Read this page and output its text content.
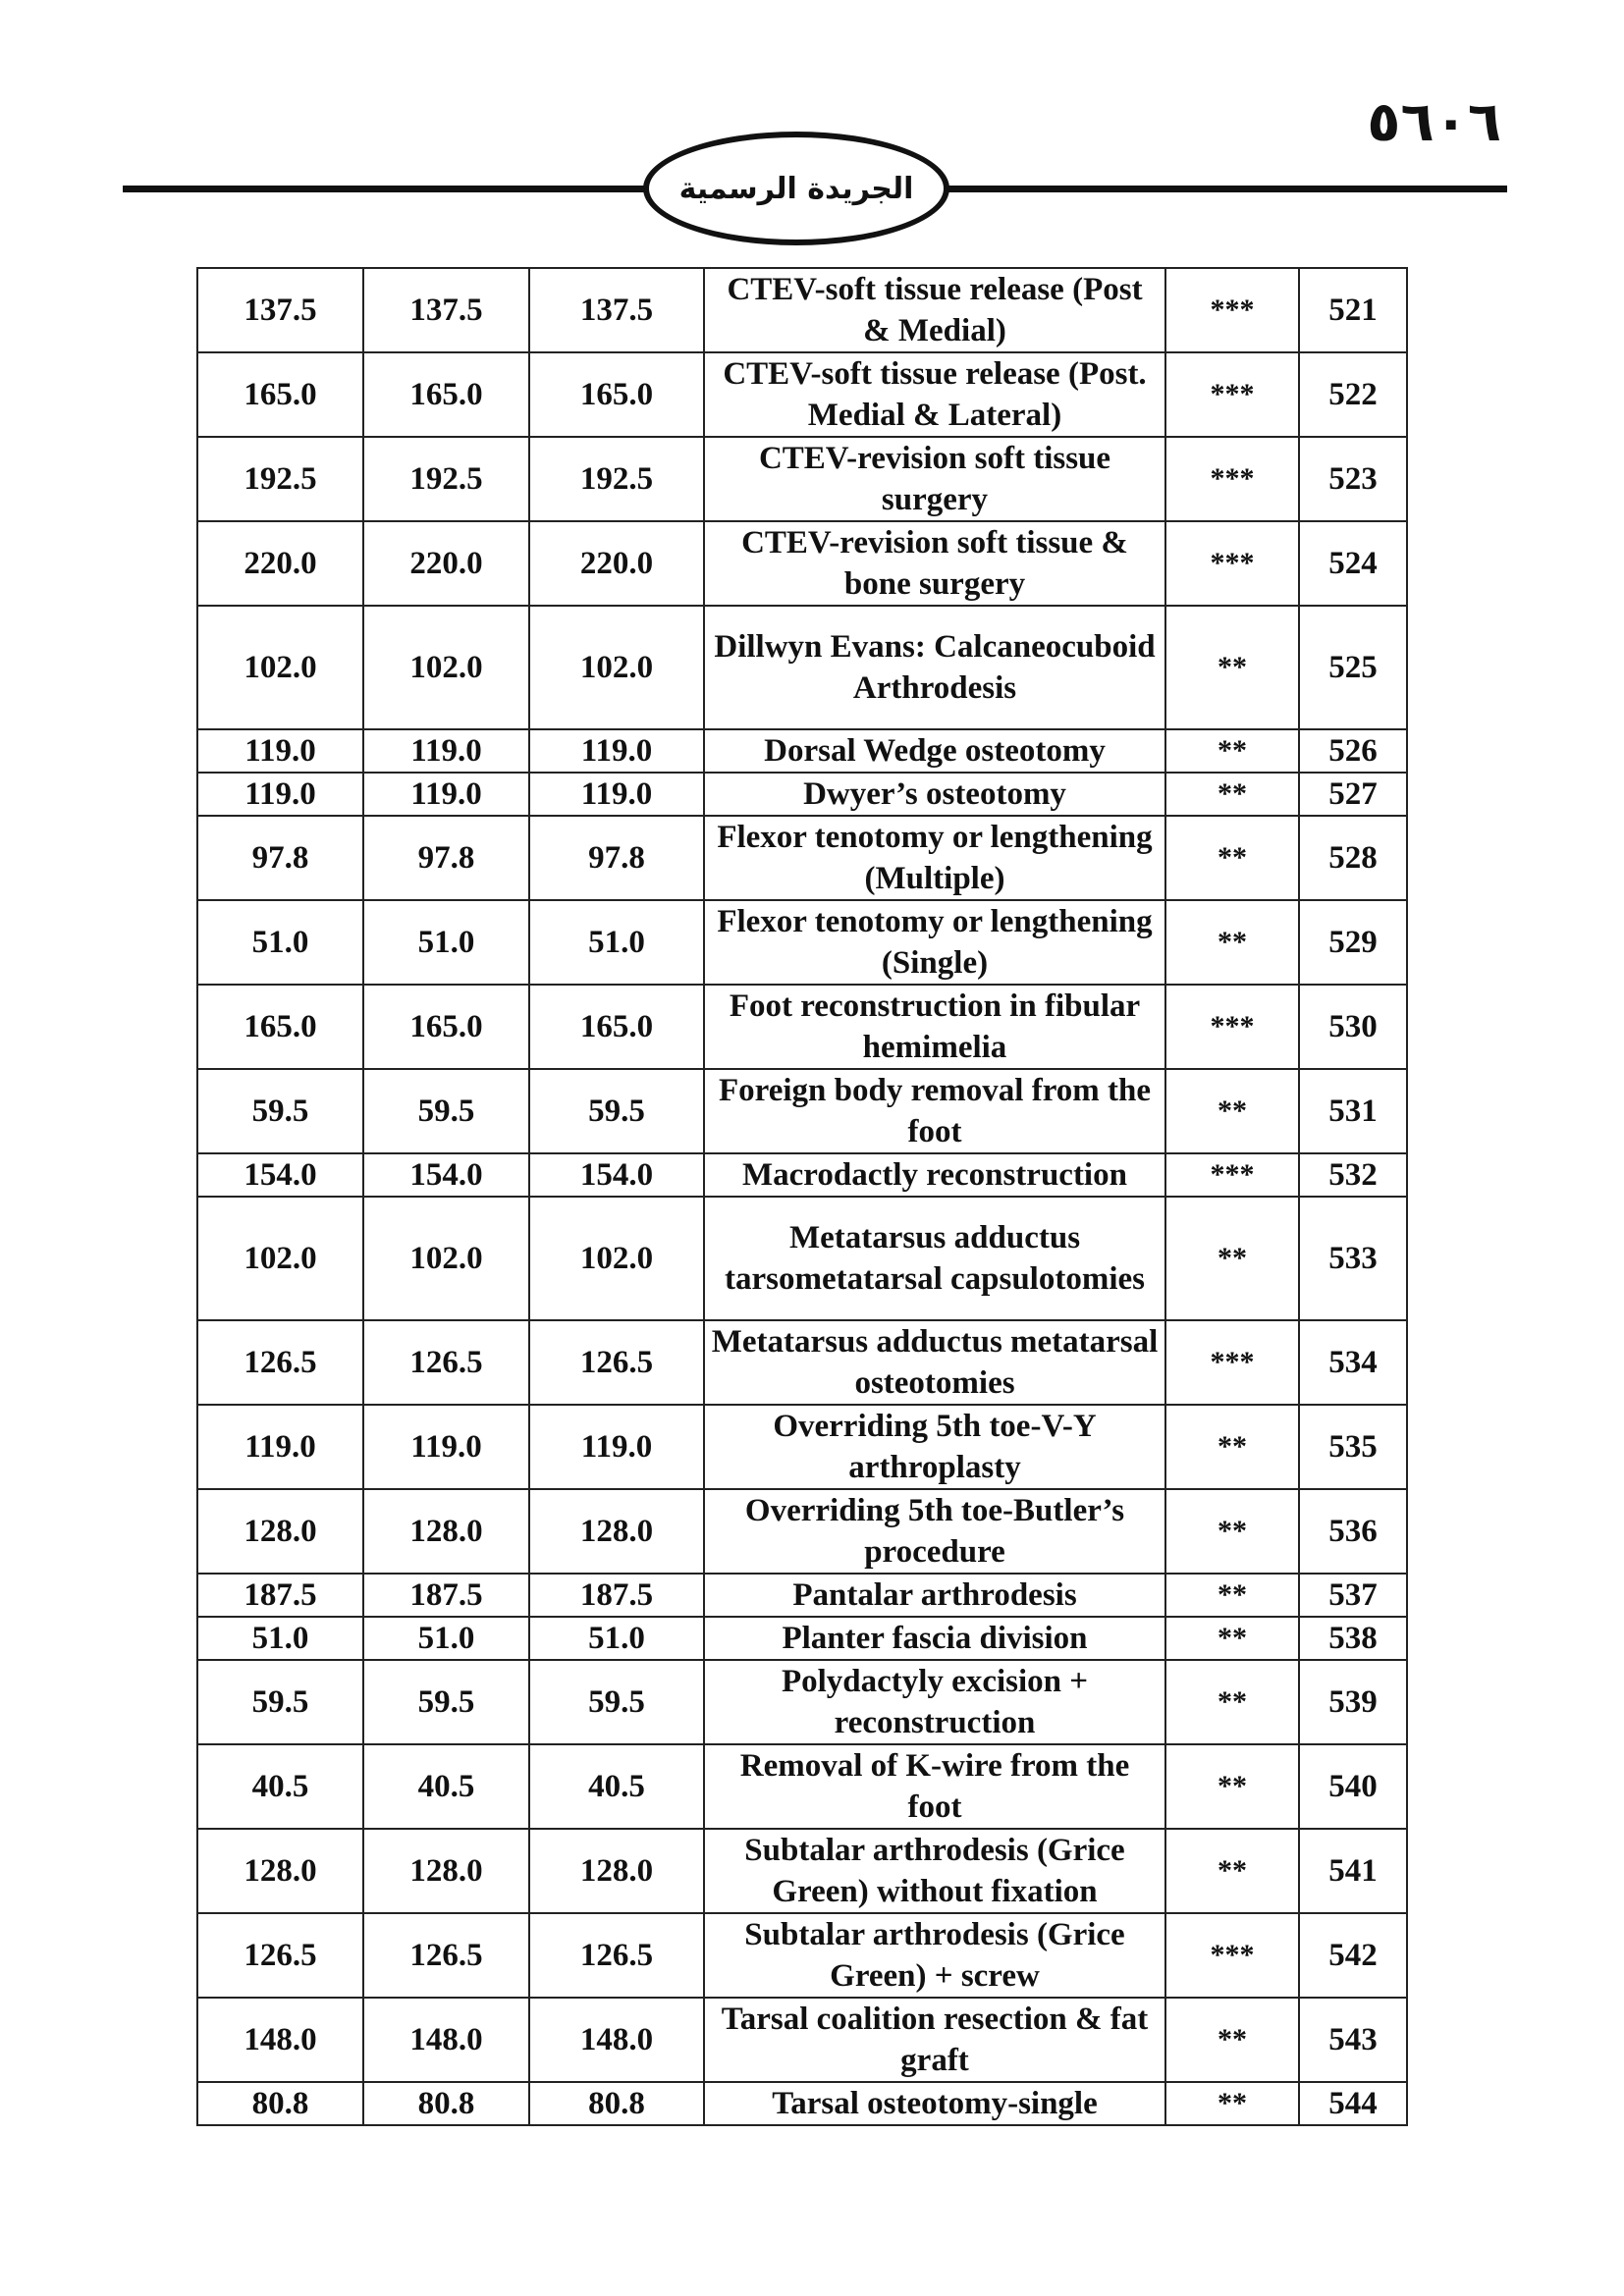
٥٦٠٦
الجريدة الرسمية
137.5	137.5	137.5	CTEV-soft tissue release (Post & Medial)	***	521
165.0	165.0	165.0	CTEV-soft tissue release (Post. Medial & Lateral)	***	522
192.5	192.5	192.5	CTEV-revision soft tissue surgery	***	523
220.0	220.0	220.0	CTEV-revision soft tissue & bone surgery	***	524
102.0	102.0	102.0	Dillwyn Evans: Calcaneocuboid Arthrodesis	**	525
119.0	119.0	119.0	Dorsal Wedge osteotomy	**	526
119.0	119.0	119.0	Dwyer’s osteotomy	**	527
97.8	97.8	97.8	Flexor tenotomy or lengthening (Multiple)	**	528
51.0	51.0	51.0	Flexor tenotomy or lengthening (Single)	**	529
165.0	165.0	165.0	Foot reconstruction in fibular hemimelia	***	530
59.5	59.5	59.5	Foreign body removal from the foot	**	531
154.0	154.0	154.0	Macrodactly reconstruction	***	532
102.0	102.0	102.0	Metatarsus adductus tarsometatarsal capsulotomies	**	533
126.5	126.5	126.5	Metatarsus adductus metatarsal osteotomies	***	534
119.0	119.0	119.0	Overriding 5th toe-V-Y arthroplasty	**	535
128.0	128.0	128.0	Overriding 5th toe-Butler’s procedure	**	536
187.5	187.5	187.5	Pantalar arthrodesis	**	537
51.0	51.0	51.0	Planter fascia division	**	538
59.5	59.5	59.5	Polydactyly excision + reconstruction	**	539
40.5	40.5	40.5	Removal of K-wire from the foot	**	540
128.0	128.0	128.0	Subtalar arthrodesis (Grice Green) without fixation	**	541
126.5	126.5	126.5	Subtalar arthrodesis (Grice Green) + screw	***	542
148.0	148.0	148.0	Tarsal coalition resection & fat graft	**	543
80.8	80.8	80.8	Tarsal osteotomy-single	**	544
